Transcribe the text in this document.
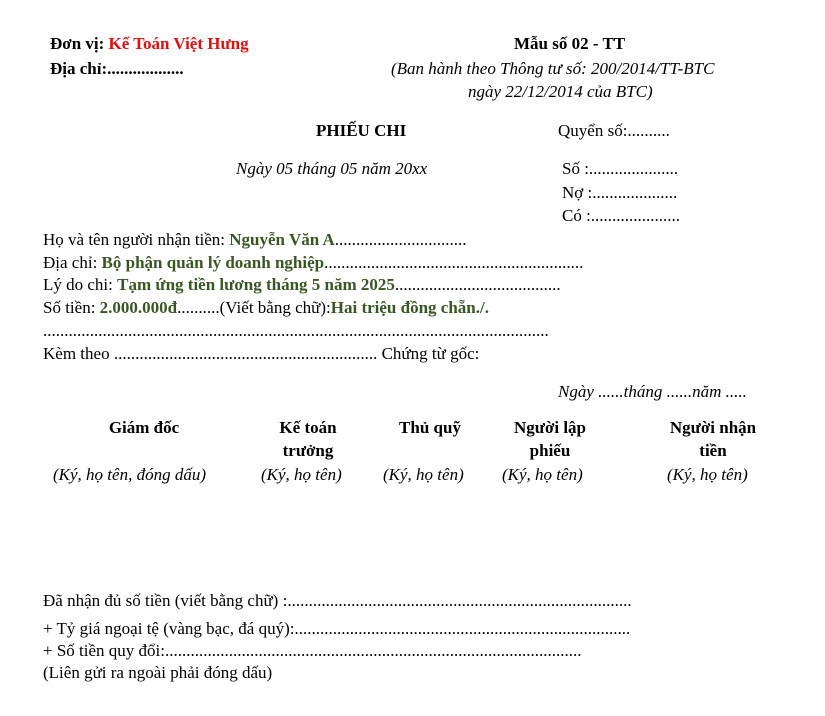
Đơn vị: Kế Toán Việt Hưng
Địa chỉ:..................
Mẫu số 02 - TT
(Ban hành theo Thông tư số: 200/2014/TT-BTC
ngày 22/12/2014 của BTC)
PHIẾU CHI	Quyển số:..........
Ngày 05 tháng 05 năm 20xx	Số :.....................
Nợ :....................
Có :.....................
Họ và tên người nhận tiền: Nguyễn Văn A...............................
Địa chỉ: Bộ phận quản lý doanh nghiệp.............................................................
Lý do chi: Tạm ứng tiền lương tháng 5 năm 2025.......................................
Số tiền: 2.000.000đ..........(Viết bằng chữ):Hai triệu đồng chẵn./.
.......................................................................................................................
Kèm theo .............................................................. Chứng từ gốc:
Ngày ......tháng ......năm .....
Giám đốc
(Ký, họ tên, đóng dấu)
Kế toán
trưởng
(Ký, họ tên)
Thủ quỹ
(Ký, họ tên)
Người lập
phiếu
(Ký, họ tên)
Người nhận
tiền
(Ký, họ tên)
Đã nhận đủ số tiền (viết bằng chữ) :.................................................................................
+ Tỷ giá ngoại tệ (vàng bạc, đá quý):...............................................................................
+ Số tiền quy đổi:..................................................................................................
(Liên gửi ra ngoài phải đóng dấu)
